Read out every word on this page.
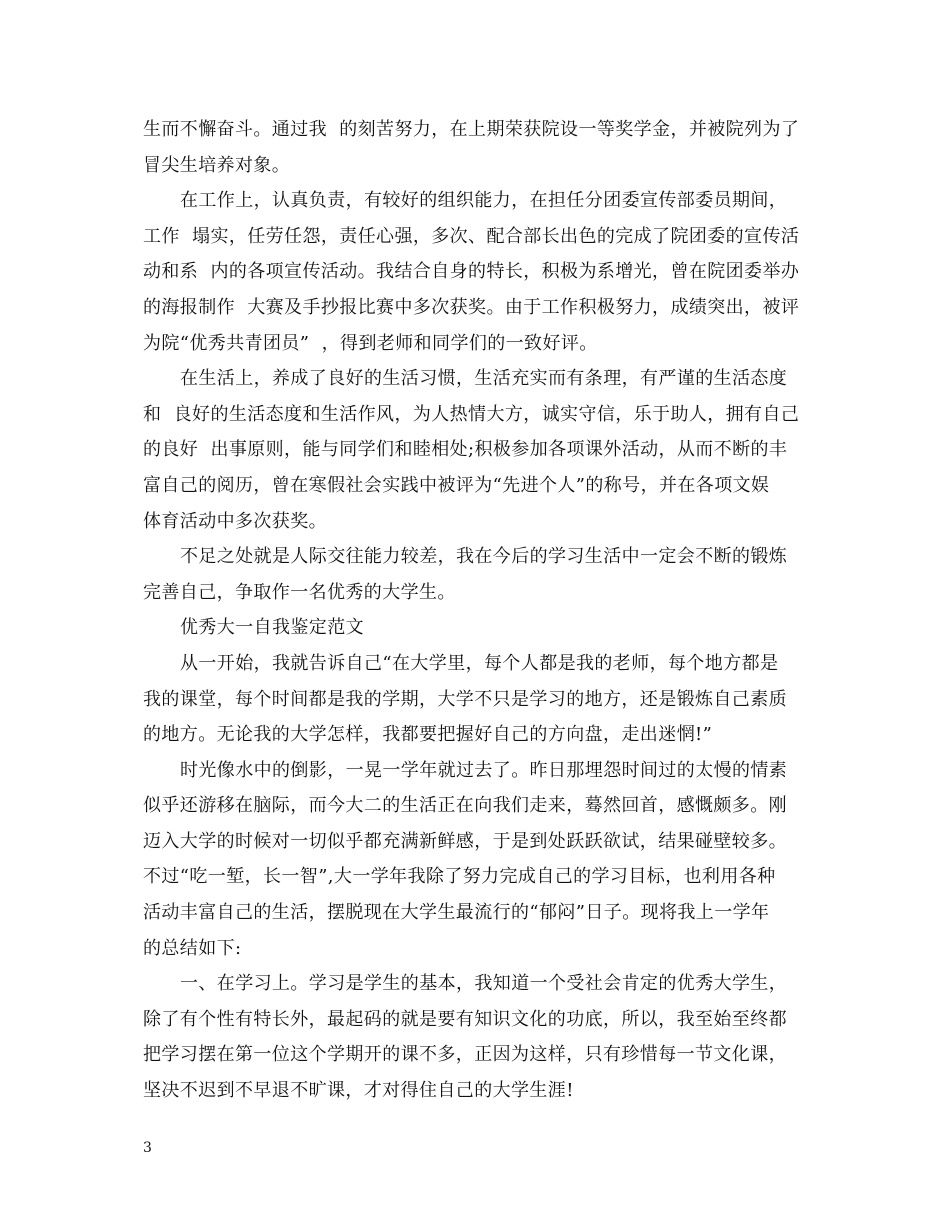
生而不懈奋斗。通过我  的刻苦努力，在上期荣获院设一等奖学金，并被院列为了
冒尖生培养对象。

在工作上，认真负责，有较好的组织能力，在担任分团委宣传部委员期间，
工作  塌实，任劳任怨，责任心强，多次、配合部长出色的完成了院团委的宣传活
动和系  内的各项宣传活动。我结合自身的特长，积极为系增光，曾在院团委举办
的海报制作  大赛及手抄报比赛中多次获奖。由于工作积极努力，成绩突出，被评
为院“优秀共青团员”  ，得到老师和同学们的一致好评。

在生活上，养成了良好的生活习惯，生活充实而有条理，有严谨的生活态度
和  良好的生活态度和生活作风，为人热情大方，诚实守信，乐于助人，拥有自己
的良好  出事原则，能与同学们和睦相处;积极参加各项课外活动，从而不断的丰
富自己的阅历，曾在寒假社会实践中被评为“先进个人”的称号，并在各项文娱
体育活动中多次获奖。

不足之处就是人际交往能力较差，我在今后的学习生活中一定会不断的锻炼
完善自己，争取作一名优秀的大学生。

优秀大一自我鉴定范文

从一开始，我就告诉自己“在大学里，每个人都是我的老师，每个地方都是
我的课堂，每个时间都是我的学期，大学不只是学习的地方，还是锻炼自己素质
的地方。无论我的大学怎样，我都要把握好自己的方向盘，走出迷惘!”

时光像水中的倒影，一晃一学年就过去了。昨日那埋怨时间过的太慢的情素
似乎还游移在脑际，而今大二的生活正在向我们走来，蓦然回首，感慨颇多。刚
迈入大学的时候对一切似乎都充满新鲜感，于是到处跃跃欲试，结果碰壁较多。
不过“吃一堑，长一智”,大一学年我除了努力完成自己的学习目标，也利用各种
活动丰富自己的生活，摆脱现在大学生最流行的“郁闷”日子。现将我上一学年
的总结如下:

一、在学习上。学习是学生的基本，我知道一个受社会肯定的优秀大学生，
除了有个性有特长外，最起码的就是要有知识文化的功底，所以，我至始至终都
把学习摆在第一位这个学期开的课不多，正因为这样，只有珍惜每一节文化课，
坚决不迟到不早退不旷课，才对得住自己的大学生涯!

3
